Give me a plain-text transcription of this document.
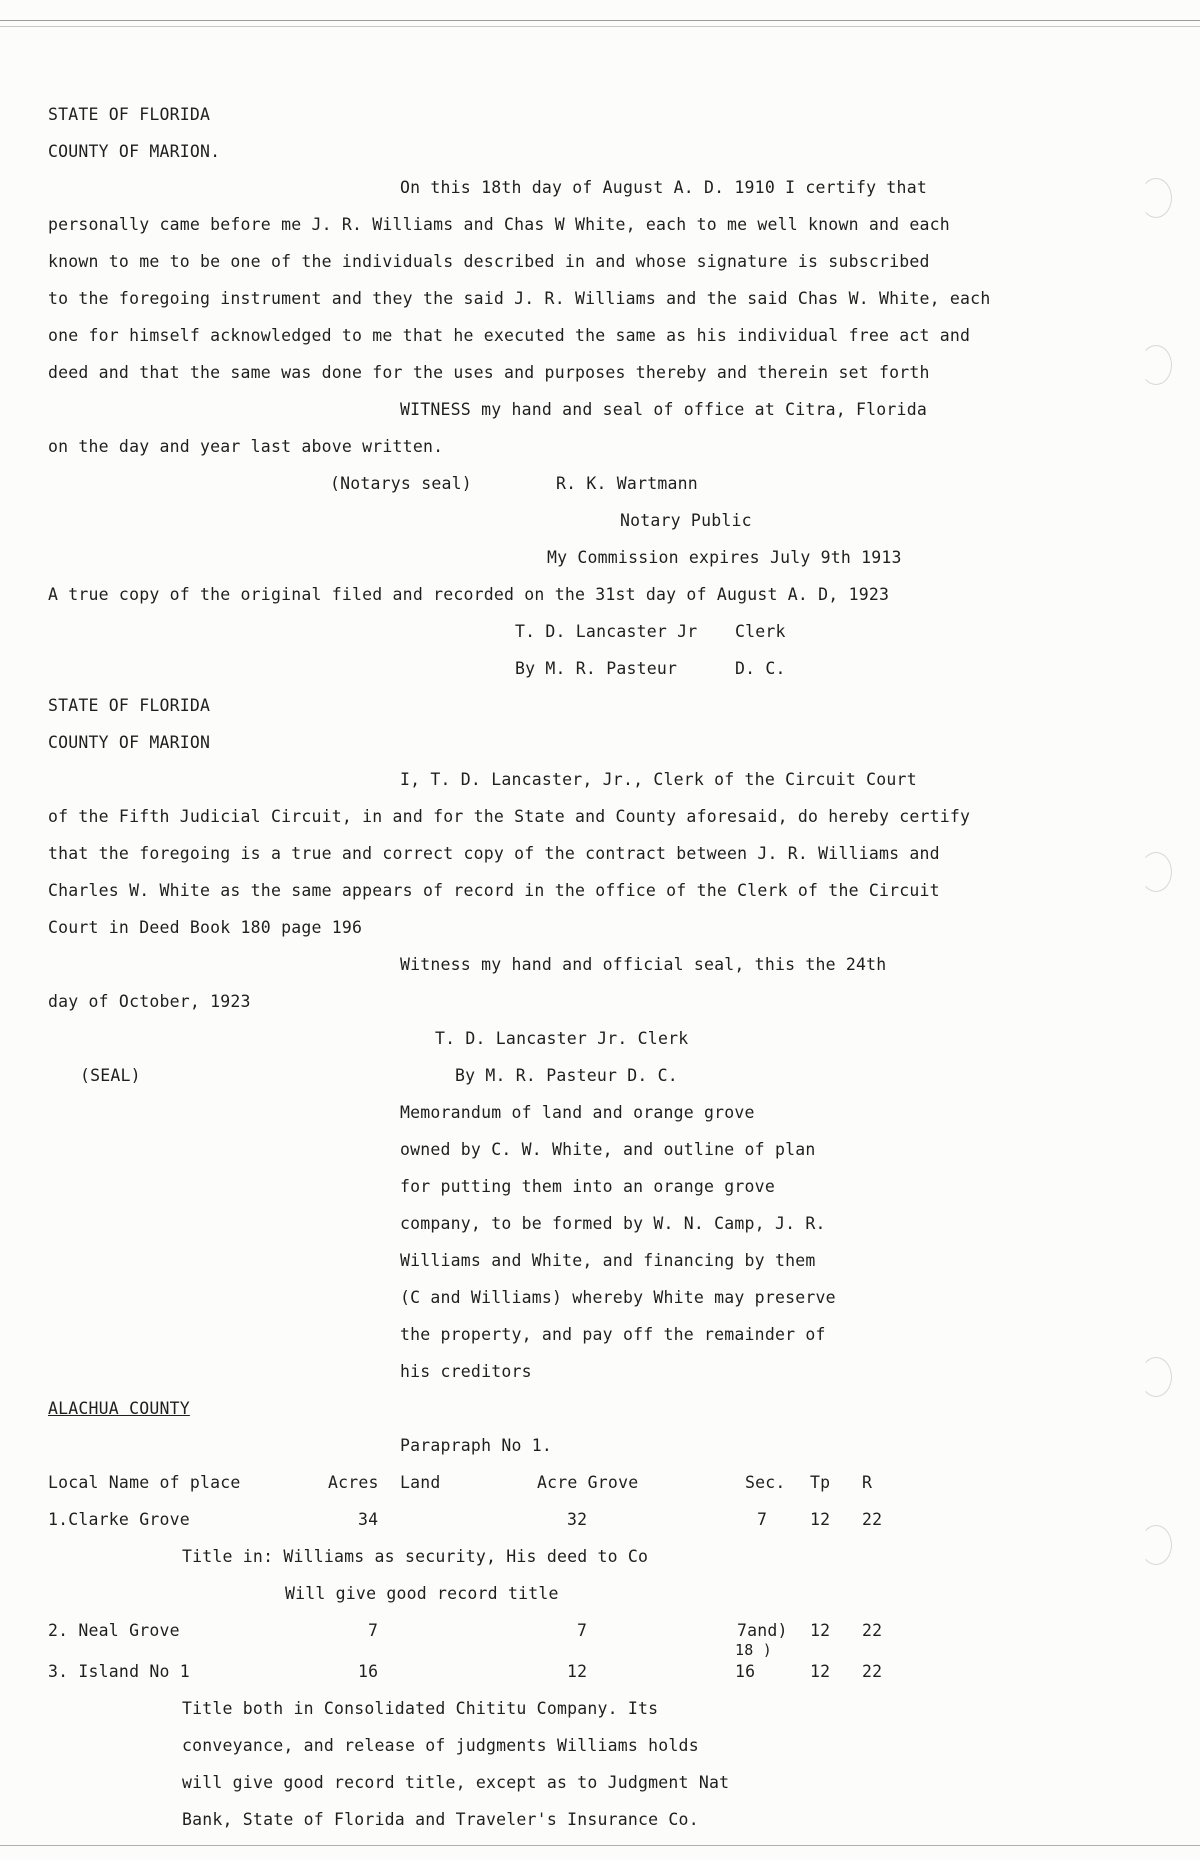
STATE OF FLORIDA
COUNTY OF MARION.
On this 18th day of August A. D. 1910 I certify that
personally came before me J. R. Williams and Chas W White, each to me well known and each
known to me to be one of the individuals described in and whose signature is subscribed
to the foregoing instrument and they the said J. R. Williams and the said Chas W. White, each
one for himself acknowledged to me that he executed the same as his individual free act and
deed and that the same was done for the uses and purposes thereby and therein set forth
WITNESS my hand and seal of office at Citra, Florida
on the day and year last above written.
(Notarys seal)	R. K. Wartmann
Notary Public
My Commission expires July 9th 1913
A true copy of the original filed and recorded on the 31st day of August A. D, 1923
T. D. Lancaster Jr Clerk
By M. R. Pasteur	D. C.
STATE OF FLORIDA
COUNTY OF MARION
I, T. D. Lancaster, Jr., Clerk of the Circuit Court
of the Fifth Judicial Circuit, in and for the State and County aforesaid, do hereby certify
that the foregoing is a true and correct copy of the contract between J. R. Williams and
Charles W. White as the same appears of record in the office of the Clerk of the Circuit
Court in Deed Book 180 page 196
Witness my hand and official seal, this the 24th
day of October, 1923
T. D. Lancaster Jr. Clerk
(SEAL)	By M. R. Pasteur D. C.
Memorandum of land and orange grove
owned by C. W. White, and outline of plan
for putting them into an orange grove
company, to be formed by W. N. Camp, J. R.
Williams and White, and financing by them
(C and Williams) whereby White may preserve
the property, and pay off the remainder of
his creditors
ALACHUA COUNTY
Parapraph No 1.
Local Name of place	Acres Land	Acre Grove	Sec. Tp R
1.Clarke Grove	34	32	7	12 22
Title in: Williams as security, His deed to Co
Will give good record title
2. Neal Grove	7	7	7and) 12 22
18 )
3. Island No 1	16	12	16	12 22
Title both in Consolidated Chititu Company. Its
conveyance, and release of judgments Williams holds
will give good record title, except as to Judgment Nat
Bank, State of Florida and Traveler's Insurance Co.
